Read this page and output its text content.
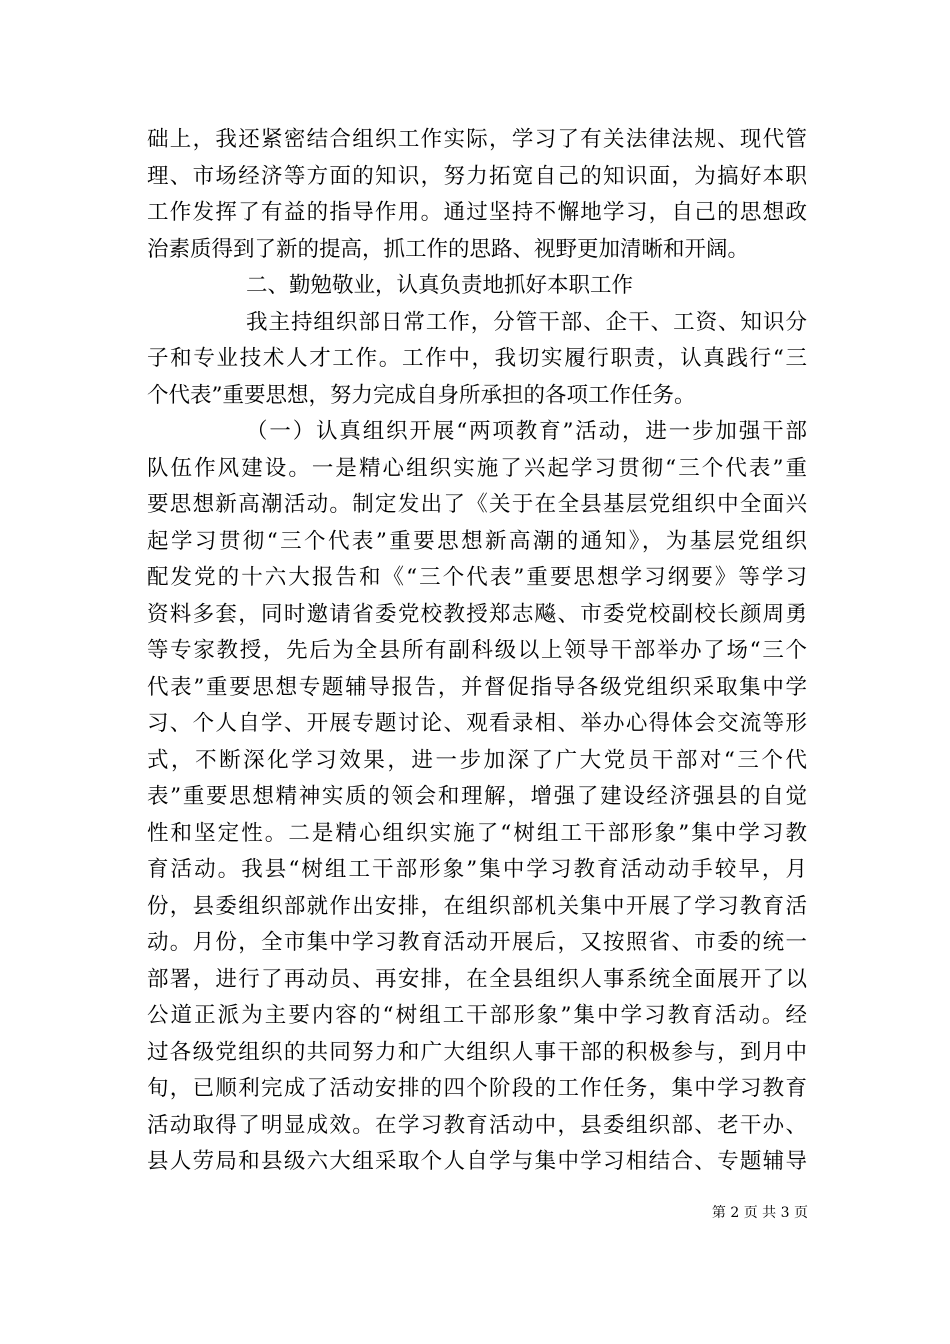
础上，我还紧密结合组织工作实际，学习了有关法律法规、现代管
理、市场经济等方面的知识，努力拓宽自己的知识面，为搞好本职
工作发挥了有益的指导作用。通过坚持不懈地学习，自己的思想政
治素质得到了新的提高，抓工作的思路、视野更加清晰和开阔。
二、勤勉敬业，认真负责地抓好本职工作
我主持组织部日常工作，分管干部、企干、工资、知识分
子和专业技术人才工作。工作中，我切实履行职责，认真践行“三
个代表”重要思想，努力完成自身所承担的各项工作任务。
（一）认真组织开展“两项教育”活动，进一步加强干部
队伍作风建设。一是精心组织实施了兴起学习贯彻“三个代表”重
要思想新高潮活动。制定发出了《关于在全县基层党组织中全面兴
起学习贯彻“三个代表”重要思想新高潮的通知》，为基层党组织
配发党的十六大报告和《“三个代表”重要思想学习纲要》等学习
资料多套，同时邀请省委党校教授郑志飚、市委党校副校长颜周勇
等专家教授，先后为全县所有副科级以上领导干部举办了场“三个
代表”重要思想专题辅导报告，并督促指导各级党组织采取集中学
习、个人自学、开展专题讨论、观看录相、举办心得体会交流等形
式，不断深化学习效果，进一步加深了广大党员干部对“三个代
表”重要思想精神实质的领会和理解，增强了建设经济强县的自觉
性和坚定性。二是精心组织实施了“树组工干部形象”集中学习教
育活动。我县“树组工干部形象”集中学习教育活动动手较早，月
份，县委组织部就作出安排，在组织部机关集中开展了学习教育活
动。月份，全市集中学习教育活动开展后，又按照省、市委的统一
部署，进行了再动员、再安排，在全县组织人事系统全面展开了以
公道正派为主要内容的“树组工干部形象”集中学习教育活动。经
过各级党组织的共同努力和广大组织人事干部的积极参与，到月中
旬，已顺利完成了活动安排的四个阶段的工作任务，集中学习教育
活动取得了明显成效。在学习教育活动中，县委组织部、老干办、
县人劳局和县级六大组采取个人自学与集中学习相结合、专题辅导
第 2 页 共 3 页
